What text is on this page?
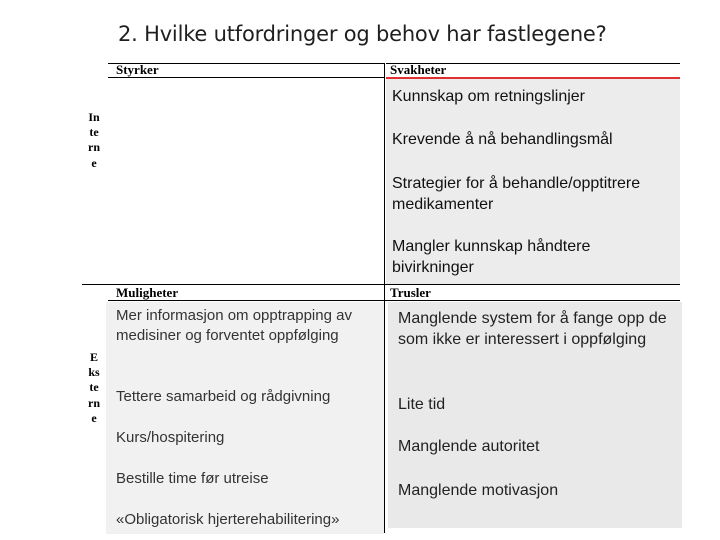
2. Hvilke utfordringer og behov har fastlegene?
Styrker	Svakheter
Muligheter	Trusler
Interne
Eksterne
Kunnskap om retningslinjer
Krevende å nå behandlingsmål
Strategier for å behandle/opptitrere medikamenter
Mangler kunnskap håndtere bivirkninger
Mer informasjon om opptrapping av medisiner og forventet oppfølging
Tettere samarbeid og rådgivning
Kurs/hospitering
Bestille time før utreise
«Obligatorisk hjerterehabilitering»
Manglende system for å fange opp de som ikke er interessert i oppfølging
Lite tid
Manglende autoritet
Manglende motivasjon
